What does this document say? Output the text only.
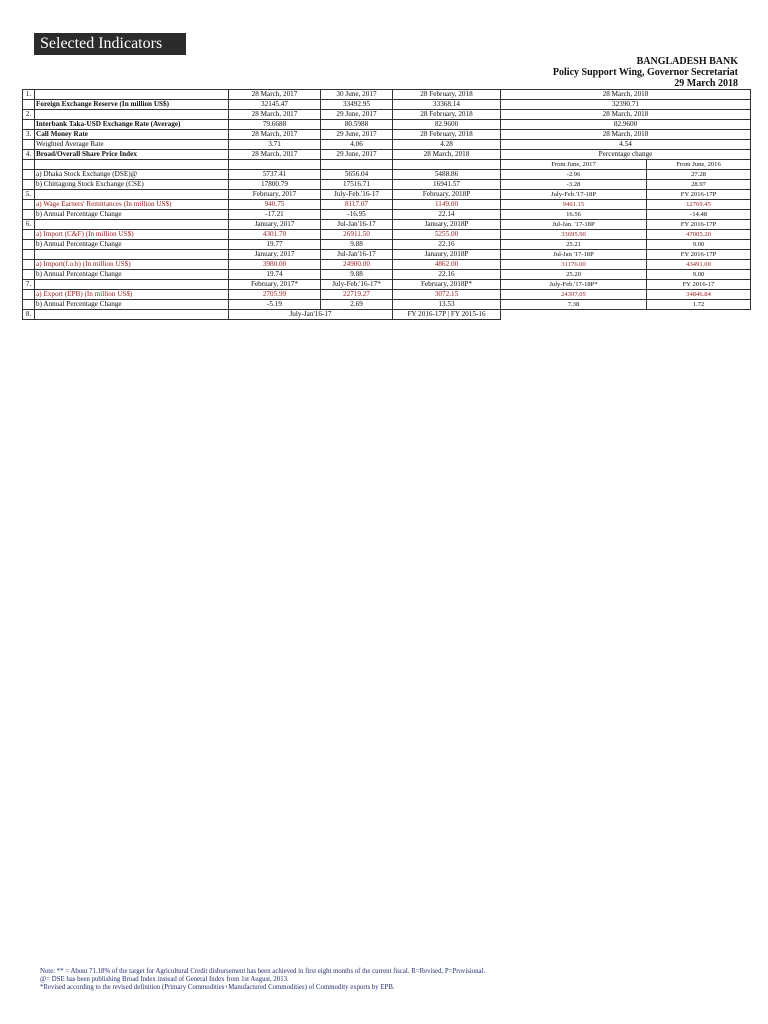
Selected Indicators
BANGLADESH BANK
Policy Support Wing, Governor Secretariat
29 March 2018
1.		28 March, 2017	30 June, 2017	28 February, 2018	28 March, 2018	
	Foreign Exchange Reserve (In million US$)	32145.47	33492.95	33368.14	32390.71	
2.		28 March, 2017	29 June, 2017	28 February, 2018	28 March, 2018	
	Interbank Taka-USD Exchange Rate (Average)	79.6688	80.5988	82.9600	82.9600	
3.	Call Money Rate	28 March, 2017	29 June, 2017	28 February, 2018	28 March, 2018	
	Weighted Average Rate	3.71	4.06	4.28	4.54	
4.	Broad/Overall Share Price Index	28 March, 2017	29 June, 2017	28 March, 2018	Percentage change	
					From June, 2017	From June, 2016
	a) Dhaka Stock Exchange (DSE)@	5737.41	5656.04	5488.86	-2.96	27.28
	b) Chittagong Stock Exchange (CSE)	17800.79	17516.71	16941.57	-3.28	28.97
5.		February, 2017	July-Feb.'16-17	February, 2018P	July-Feb.'17-18P	FY 2016-17P
	a) Wage Earners' Remittances (In million US$)	940.75	8117.07	1149.00	9461.15	12769.45
	b) Annual Percentage Change	-17.21	-16.95	22.14	16.56	-14.48
6.		January, 2017	Jul-Jan'16-17	January, 2018P	Jul-Jan. '17-18P	FY 2016-17P
	a) Import (C&F) (In million US$)	4301.70	26911.50	5255.00	33695.90	47005.20
	b) Annual Percentage Change	19.77	9.88	22.16	25.21	9.00
		January, 2017	Jul-Jan'16-17	Janaury, 2018P	Jul-Jan '17-18P	FY 2016-17P
	a) Import(f.o.b) (In million US$)	3980.00	24900.00	4862.00	31176.00	43491.00
	b) Annual Percentage Change	19.74	9.88	22.16	25.20	9.00
7.		February, 2017*	July-Feb.'16-17*	February, 2018P*	July-Feb.'17-18P*	FY 2016-17
	a) Export (EPB) (In million US$)	2705.99	22719.27	3072.15	24397.05	34846.84
	b) Annual Percentage Change	-5.19	2.69	13.53	7.38	1.72
8.		July-Jan'16-17		FY 2016-17P | FY 2015-16		
Note: ** = About 71.18% of the target for Agricultural Credit disbursement has been achieved in first eight months of the current fiscal. R=Revised, P=Provisional.
@= DSE has been publishing Broad Index instead of General Index from 1st August, 2013.
*Revised according to the revised definition (Primary Commodities+Manufactured Commodities) of Commodity exports by EPB.
